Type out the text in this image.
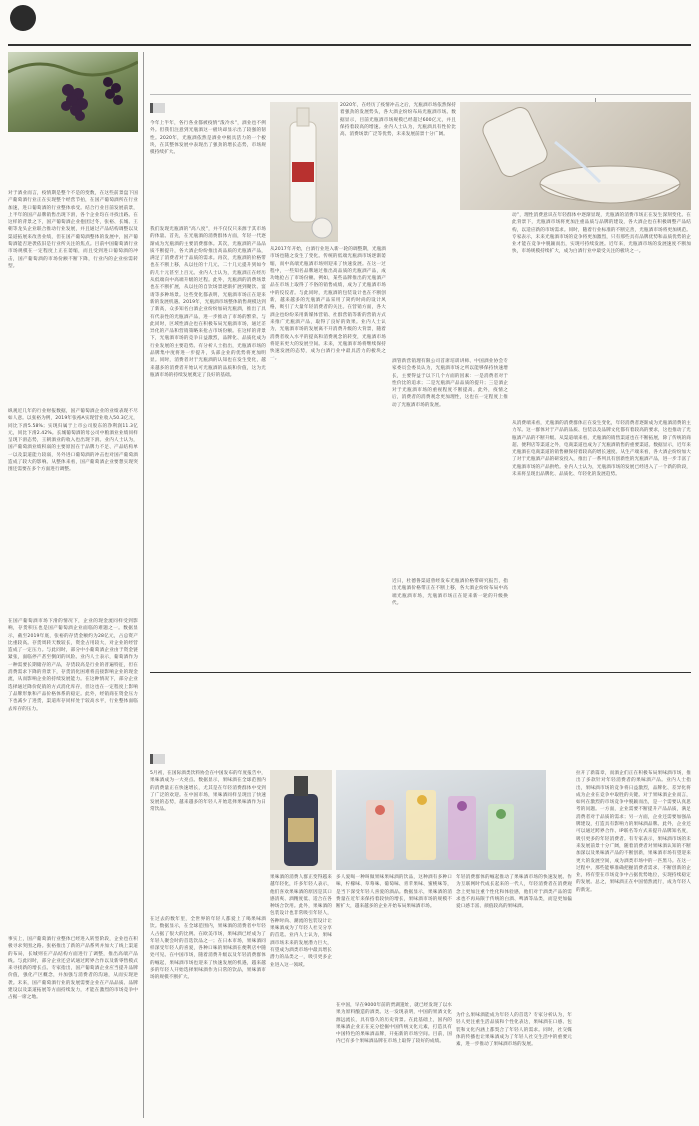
对于酒业而言，疫情期是整个不是的变数，在这些前景盘下国产葡萄酒行业正在实现整个经营节拍，在国产葡萄酒所在行业加速，进口葡萄酒的行业整体承受。结合行业目前发展前景，上半年的国产品牌销售出现下滑，各个企业均在寻找出路。在这样的背景之下，国产葡萄酒企业抱团过冬，张裕、长城、王朝等龙头企业联合推动行业发展，并且通过产品结构调整以及渠道拓展来改善业绩，但在国产葡萄酒整体的发展中，国产葡萄酒能否逆袭依旧是行业所关注的焦点。目前中国葡萄酒行业市场规模在一定程度上正在萎缩，而且受到进口葡萄酒的冲击，国产葡萄酒的市场份额不断下降，行业内的企业亟需转型。
纵观近几年的行业财报数据，国产葡萄酒企业的业绩表现不尽如人意。以张裕为例，2019年张裕A实现营业收入50.3亿元，同比下滑5.58%；实现归属于上市公司股东的净利润11.3亿元，同比下滑2.42%。长城葡萄酒的母公司中粮酒业业绩同样呈现下滑态势，王朝酒业的收入也出现下滑。业内人士认为，国产葡萄酒业绩积弱的主要原因在于品牌力不足、产品结构单一以及渠道能力较弱，另外进口葡萄酒的冲击也对国产葡萄酒造成了较大的影响。从整体来看，国产葡萄酒企业要想实现突围还需要在多个方面进行调整。
在国产葡萄酒市场下滑的情况下，企业的现金流同样受到影响，存货积压也是国产葡萄酒企业面临的难题之一。数据显示，截至2019年底，张裕的存货金额约为28亿元，占总资产比重较高。存货周转天数较长，资金占用较大，对企业的经营造成了一定压力。与此同时，部分中小葡萄酒企业由于资金链紧张，面临停产甚至倒闭的风险。业内人士表示，葡萄酒作为一种需要长期储存的产品，存货较高是行业的普遍特征，但在消费需求下降的背景下，存货消化困难将直接影响企业的现金流，从而影响企业的持续发展能力。在这种情况下，部分企业选择通过降价促销的方式消化库存，但这也在一定程度上影响了品牌形象和产品价格体系的稳定。此外，经销商在资金压力下也减少了进货，渠道库存同样处于较高水平，行业整体面临去库存的压力。
事实上，国产葡萄酒行业整体已经进入转型阶段，企业也在积极寻求突围之路。张裕推出了新的产品系列并加大了线上渠道的布局，长城则在产品结构方面进行了调整，推出高端产品线。与此同时，部分企业还尝试通过跨界合作以及新零售模式来寻找新的增长点。专家指出，国产葡萄酒企业应当提升品牌价值，强化产区概念，并加强与消费者的沟通，从而实现逆袭。未来，国产葡萄酒行业的发展需要企业在产品品质、品牌建设以及渠道拓展等方面持续发力，才能在激烈的市场竞争中占据一席之地。
今年上半年，各行各业都被疫情“泼冷水”，酒业也不例外。但我们注意到光瓶酒这一板块却显示出了较强的韧性。2020年，光瓶酒依然是酒业中极具活力的一个板块，在其整体发展中表现出了强劲的增长态势，市场规模持续扩大。
2020年，在经历了疫情冲击之后，光瓶酒市场依然保持着强劲的发展势头，各大酒企纷纷布局光瓶酒市场。数据显示，目前光瓶酒市场规模已经超过600亿元，并且保持着较高的增速。业内人士认为，光瓶酒具有性价比高、消费场景广泛等优势，未来发展前景十分广阔。
我们发现光瓶酒的“高八度”，并不仅仅只来源于其市场的体量。首先，在光瓶酒的消费群体方面，年轻一代逐渐成为光瓶酒的主要消费群体。其次，光瓶酒的产品品质不断提升，各大酒企纷纷推出高品质的光瓶酒产品，满足了消费者对于品质的需求。再次，光瓶酒的价格带也在不断上移，从以往的十几元、二十几元提升到如今的几十元甚至上百元。业内人士认为，光瓶酒正在经历从低端向中高端升级的过程。此外，光瓶酒的消费场景也在不断扩展，从以往的自饮场景逐渐扩展到聚饮、宴请等多种场景。这些变化都表明，光瓶酒市场正在迎来新的发展机遇。2019年，光瓶酒市场整体销售规模达到了新高，众多知名白酒企业纷纷加码光瓶酒，推出了具有代表性的光瓶酒产品，进一步推动了市场的繁荣。与此同时，区域性酒企也在积极布局光瓶酒市场，通过差异化的产品和营销策略来抢占市场份额。在这样的背景下，光瓶酒市场的竞争日益激烈，品牌化、品质化成为行业发展的主要趋势。有分析人士指出，光瓶酒市场的品牌集中度将进一步提升，头部企业的优势将更加明显。同时，消费者对于光瓶酒的认知也在发生变化，越来越多的消费者开始认可光瓶酒的品质和价值，这为光瓶酒市场的持续发展奠定了良好的基础。
从2017年开始，白酒行业进入新一轮的调整期，光瓶酒市场也随之发生了变化。传统的低端光瓶酒市场逐渐萎缩，而中高端光瓶酒市场则迎来了快速发展。在这一过程中，一些知名品牌通过推出高品质的光瓶酒产品，成功地抢占了市场份额。例如，某些品牌推出的光瓶酒产品在市场上取得了不俗的销售成绩，成为了光瓶酒市场中的佼佼者。与此同时，光瓶酒的包装设计也在不断创新，越来越多的光瓶酒产品采用了简约时尚的设计风格，吸引了大量年轻消费者的关注。在营销方面，各大酒企也纷纷采用新媒体营销、社群营销等新的营销方式来推广光瓶酒产品，取得了良好的效果。业内人士认为，光瓶酒市场的发展离不开消费升级的大背景，随着消费者收入水平的提高和消费观念的转变，光瓶酒市场将迎来更大的发展空间。未来，光瓶酒市场将继续保持快速发展的态势，成为白酒行业中最具活力的板块之一。
酒管新营销理有限公司首席培训讲师、中国酒业协会专家委员会委员认为，光瓶酒市场之所以能够保持快速增长，主要得益于以下几个方面的因素：一是消费者对于性价比的追求；二是光瓶酒产品品质的提升；三是酒企对于光瓶酒市场的重视程度不断提高。此外，疫情之后，消费者的消费观念更加理性，这也在一定程度上推动了光瓶酒市场的发展。
近日，杜德鲁渠道曾经发布光瓶酒价格带研究报告，指出光瓶酒价格带正在不断上移，各大酒企纷纷布局中高端光瓶酒市场，光瓶酒市场正在迎来新一轮的升级换代。
动”，理性消费意识在年轻群体中逐渐显现，光瓶酒的消费市场正在发生深刻变化。在此背景下，光瓶酒市场将更加注重品质与品牌的建设，各大酒企也在积极调整产品结构，以适应新的市场需求。同时，随着行业标准的不断完善，光瓶酒市场将更加规范。专家表示，未来光瓶酒市场的竞争将更加激烈，只有那些具有品牌优势和品质优势的企业才能在竞争中脱颖而出，实现可持续发展。近年来，光瓶酒市场的发展速度不断加快，市场规模持续扩大，成为白酒行业中最受关注的板块之一。
从消费端来看，光瓶酒的消费群体正在发生变化，年轻消费者逐渐成为光瓶酒消费的主力军。这一群体对于产品的品质、包装以及品牌文化都有着较高的要求，这也推动了光瓶酒产品的不断升级。从渠道端来看，光瓶酒的销售渠道也在不断拓展，除了传统的商超、便利店等渠道之外，电商渠道也成为了光瓶酒销售的重要渠道。数据显示，近年来光瓶酒在电商渠道的销售额保持着较高的增长速度。从生产端来看，各大酒企纷纷加大了对于光瓶酒产品的研发投入，推出了一系列具有创新性的光瓶酒产品，进一步丰富了光瓶酒市场的产品供给。业内人士认为，光瓶酒市场的发展已经进入了一个新的阶段，未来将呈现出品牌化、品质化、年轻化的发展趋势。
5月初，在国际酒类饮料协会在中国发布的年度报告中，果味酒成为一大亮点。数据显示，果味酒在全球范围内的消费量正在快速增长，尤其是在年轻消费群体中受到了广泛的欢迎。在中国市场，果味酒同样呈现出了快速发展的态势，越来越多的年轻人开始选择果味酒作为日常饮品。
多人爱喝一种叫做果味果味酒的饮品，这种酒有多种口味，柠檬味、草莓味、葡萄味、青苹果味、蜜桃味等，是当下深受年轻人喜爱的酒品。数据显示，果味酒的消费量在近年来保持着较快的增长，果味酒市场的规模不断扩大，越来越多的企业开始布局果味酒市场。

在中国，早在9000年前的贾湖遗址，就已经发现了以水果为原料酿造的酒类。这一发现表明，中国的果酒文化源远流长，具有悠久的历史背景。在此基础上，国内的果味酒企业正在充分挖掘中国传统文化元素，打造具有中国特色的果味酒品牌，开拓新的市场空间。目前，国内已有多个果味酒品牌在市场上取得了较好的成绩。
在过去的数年里，全世界的年轻人都爱上了喝果味酒饮。数据显示，在全球范围内，果味酒的消费者中年轻人占据了很大的比例。在欧美市场，果味酒已经成为了年轻人聚会时的首选饮品之一；在日本市场，果味酒同样深受年轻人的喜爱，各种口味的果味酒在便利店中随处可见。在中国市场，随着消费升级以及年轻消费群体的崛起，果味酒市场也迎来了快速发展的机遇，越来越多的年轻人开始选择果味酒作为日常的饮品，果味酒市场的规模不断扩大。
果味酒的消费人群正变得越来越年轻化，许多年轻人表示，他们喜欢果味酒的原因是其口感清爽、酒精度低、适合在各种场合饮用。此外，果味酒的包装设计也非常吸引年轻人，各种时尚、潮流的包装设计让果味酒成为了年轻人社交分享的首选。业内人士认为，果味酒市场未来的发展潜力巨大，有望成为酒类市场中最具增长潜力的品类之一，吸引更多企业进入这一领域。
年轻消费群体的崛起推动了果味酒市场的快速发展。作为互联网时代成长起来的一代人，年轻消费者在消费观念上更加注重个性化和体验感，他们对于酒类产品的需求也不再局限于传统的白酒、啤酒等品类，而是更加偏爱口感丰富、颜值较高的果味酒。

为什么果味酒能成为年轻人的首选？专家分析认为，年轻人更注重生活品质和个性化表达，果味酒在口感、包装和文化内涵上都契合了年轻人的需求。同时，社交媒体的传播也让果味酒成为了年轻人社交生活中的重要元素，进一步推动了果味酒市场的发展。
拉开了新篇章，而酒企们正在积极布局果味酒市场，推出了多款针对年轻消费者的果味酒产品。业内人士指出，果味酒市场的竞争将日益激烈，品牌化、差异化将成为企业在竞争中取胜的关键。对于果味酒企业而言，如何在激烈的市场竞争中脱颖而出，是一个需要认真思考的问题。一方面，企业需要不断提升产品品质，满足消费者对于品质的需求；另一方面，企业还需要加强品牌建设，打造具有影响力的果味酒品牌。此外，企业还可以通过跨界合作、IP联名等方式来提升品牌知名度，吸引更多的年轻消费者。有专家表示，果味酒市场的未来发展前景十分广阔，随着消费者对果味酒认知的不断加深以及果味酒产品的不断创新，果味酒市场有望迎来更大的发展空间，成为酒类市场中的一匹黑马。在这一过程中，那些能够准确把握消费者需求、不断创新的企业，将有望在市场竞争中占据优势地位，实现持续稳定的发展。总之，果味酒正在中国悄然流行，成为年轻人的新宠。
